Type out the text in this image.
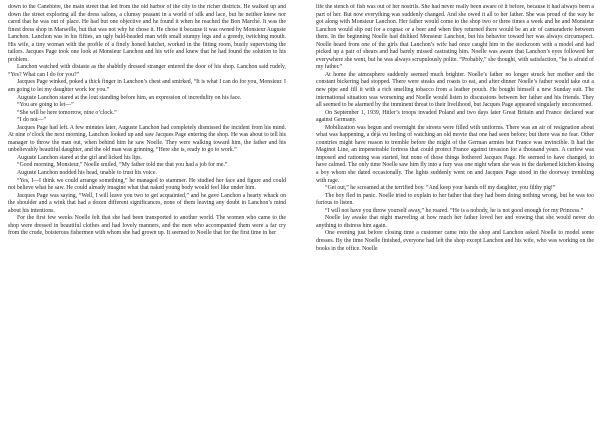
down to the Canebière, the main street that led from the old harbor of the city to the richer districts. He walked up and down the street exploring all the dress salons, a clumsy peasant in a world of silk and lace, but he neither knew nor cared that he was out of place. He had but one objective and he found it when he reached the Bon Marché. It was the finest dress shop in Marseille, but that was not why he chose it. He chose it because it was owned by Monsieur Auguste Lanchon. Lanchon was in his fifties, an ugly bald-headed man with small stumpy legs and a greedy, twitching mouth. His wife, a tiny woman with the profile of a finely honed hatchet, worked in the fitting room, busily supervising the tailors. Jacques Page took one look at Monsieur Lanchon and his wife and knew that he had found the solution to his problem.

Lanchon watched with distaste as the shabbily dressed stranger entered the door of his shop. Lanchon said rudely, “Yes? What can I do for you?”

Jacques Page winked, poked a thick finger in Lanchon’s chest and smirked, “It is what I can do for you, Monsieur. I am going to let my daughter work for you.”

Auguste Lanchon stared at the lout standing before him, an expression of incredulity on his face.

“You are going to let—”

“She will be here tomorrow, nine o’clock.”

“I do not—”

Jacques Page had left. A few minutes later, Auguste Lanchon had completely dismissed the incident from his mind. At nine o’clock the next morning, Lanchon looked up and saw Jacques Page entering the shop. He was about to tell his manager to throw the man out, when behind him he saw Noelle. They were walking toward him, the father and his unbelievably beautiful daughter, and the old man was grinning, “Here she is, ready to go to work.”

Auguste Lanchon stared at the girl and licked his lips.

“Good morning, Monsieur,” Noelle smiled, “My father told me that you had a job for me.”

Auguste Lanchon nodded his head, unable to trust his voice.

“Yes, I—I think we could arrange something,” he managed to stammer. He studied her face and figure and could not believe what he saw. He could already imagine what that naked young body would feel like under him.

Jacques Page was saying, “Well, I will leave you two to get acquainted,” and he gave Lanchon a hearty whack on the shoulder and a wink that had a dozen different significances, none of them leaving any doubt in Lanchon’s mind about his intentions.

For the first few weeks Noelle felt that she had been transported to another world. The women who came to the shop were dressed in beautiful clothes and had lovely manners, and the men who accompanied them were a far cry from the crude, boisterous fishermen with whom she had grown up. It seemed to Noelle that for the first time in her

life the stench of fish was out of her nostrils. She had never really been aware of it before, because it had always been a part of her. But now everything was suddenly changed. And she owed it all to her father. She was proud of the way he got along with Monsieur Lanchon. Her father would come to the shop two or three times a week and he and Monsieur Lanchon would slip out for a cognac or a beer and when they returned there would be an air of camaraderie between them. In the beginning Noelle had disliked Monsieur Lanchon, but his behavior toward her was always circumspect. Noelle heard from one of the girls that Lanchon’s wife had once caught him in the stockroom with a model and had picked up a pair of shears and had barely missed castrating him. Noelle was aware that Lanchon’s eyes followed her everywhere she went, but he was always scrupulously polite. “Probably,” she thought, with satisfaction, “he is afraid of my father.”

At home the atmosphere suddenly seemed much brighter. Noelle’s father no longer struck her mother and the constant bickering had stopped. There were steaks and roasts to eat, and after dinner Noelle’s father would take out a new pipe and fill it with a rich smelling tobacco from a leather pouch. He bought himself a new Sunday suit. The international situation was worsening and Noelle would listen to discussions between her father and his friends. They all seemed to be alarmed by the imminent threat to their livelihood, but Jacques Page appeared singularly unconcerned.

On September 1, 1939, Hitler’s troops invaded Poland and two days later Great Britain and France declared war against Germany.

Mobilization was begun and overnight the streets were filled with uniforms. There was an air of resignation about what was happening, a déjà vu feeling of watching an old movie that one had seen before; but there was no fear. Other countries might have reason to tremble before the might of the German armies but France was invincible. It had the Maginot Line, an impenetrable fortress that could protect France against invasion for a thousand years. A curfew was imposed and rationing was started, but none of those things bothered Jacques Page. He seemed to have changed, to have calmed. The only time Noelle saw him fly into a fury was one night when she was in the darkened kitchen kissing a boy whom she dated occasionally. The lights suddenly went on and Jacques Page stood in the doorway trembling with rage.

“Get out,” he screamed at the terrified boy. “And keep your hands off my daughter, you filthy pig!”

The boy fled in panic. Noelle tried to explain to her father that they had been doing nothing wrong, but he was too furious to listen.

“I will not have you throw yourself away,” he roared. “He is a nobody, he is not good enough for my Princess.”

Noelle lay awake that night marveling at how much her father loved her and vowing that she would never do anything to distress him again.

One evening just before closing time a customer came into the shop and Lanchon asked Noelle to model some dresses. By the time Noelle finished, everyone had left the shop except Lanchon and his wife, who was working on the books in the office. Noelle
